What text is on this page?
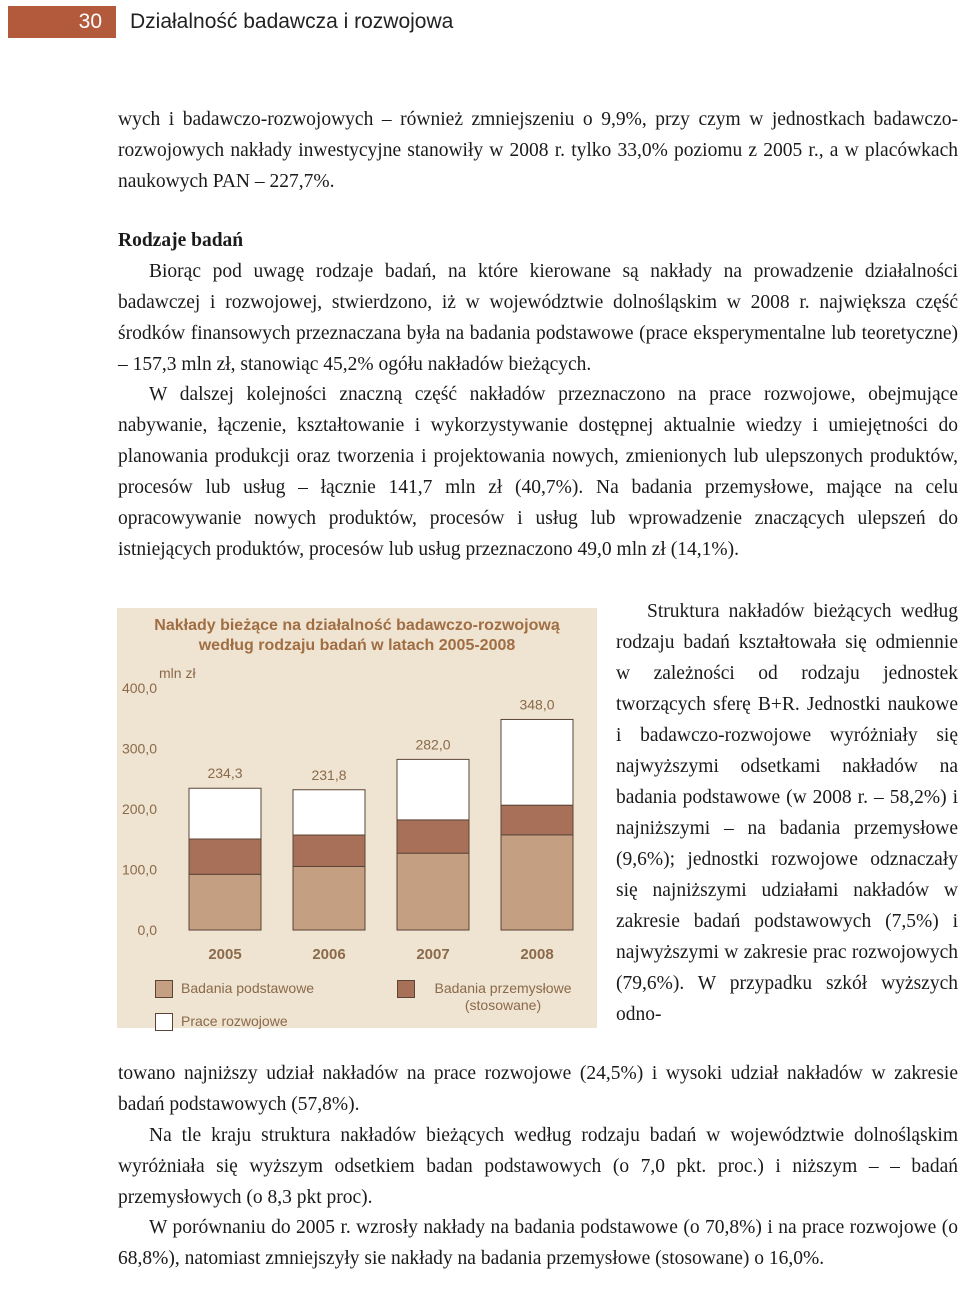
30	Działalność badawcza i rozwojowa

wych i badawczo-rozwojowych – również zmniejszeniu o 9,9%, przy czym w jednostkach badawczo-rozwojowych nakłady inwestycyjne stanowiły w 2008 r. tylko 33,0% poziomu z 2005 r., a w placówkach naukowych PAN – 227,7%.

Rodzaje badań

Biorąc pod uwagę rodzaje badań, na które kierowane są nakłady na prowadzenie działalności badawczej i rozwojowej, stwierdzono, iż w województwie dolnośląskim w 2008 r. największa część środków finansowych przeznaczana była na badania podstawowe (prace eksperymentalne lub teoretyczne) – 157,3 mln zł, stanowiąc 45,2% ogółu nakładów bieżących.

W dalszej kolejności znaczną część nakładów przeznaczono na prace rozwojowe, obejmujące nabywanie, łączenie, kształtowanie i wykorzystywanie dostępnej aktualnie wiedzy i umiejętności do planowania produkcji oraz tworzenia i projektowania nowych, zmienionych lub ulepszonych produktów, procesów lub usług – łącznie 141,7 mln zł (40,7%). Na badania przemysłowe, mające na celu opracowywanie nowych produktów, procesów i usług lub wprowadzenie znaczących ulepszeń do istniejących produktów, procesów lub usług przeznaczono 49,0 mln zł (14,1%).

Nakłady bieżące na działalność badawczo-rozwojową według rodzaju badań w latach 2005-2008
mln zł
0,0
100,0
200,0
300,0
400,0
234,3
2005
231,8
2006
282,0
2007
348,0
2008
Badania podstawowe	Badania przemysłowe (stosowane)
Prace rozwojowe

Struktura nakładów bieżących według rodzaju badań kształtowała się odmiennie w zależności od rodzaju jednostek tworzących sferę B+R. Jednostki naukowe i badawczo-rozwojowe wyróżniały się najwyższymi odsetkami nakładów na badania podstawowe (w 2008 r. – 58,2%) i najniższymi – na badania przemysłowe (9,6%); jednostki rozwojowe odznaczały się najniższymi udziałami nakładów w zakresie badań podstawowych (7,5%) i najwyższymi w zakresie prac rozwojowych (79,6%). W przypadku szkół wyższych odno-

towano najniższy udział nakładów na prace rozwojowe (24,5%) i wysoki udział nakładów w zakresie badań podstawowych (57,8%).

Na tle kraju struktura nakładów bieżących według rodzaju badań w województwie dolnośląskim wyróżniała się wyższym odsetkiem badan podstawowych (o 7,0 pkt. proc.) i niższym – – badań przemysłowych (o 8,3 pkt proc).

W porównaniu do 2005 r. wzrosły nakłady na badania podstawowe (o 70,8%) i na prace rozwojowe (o 68,8%), natomiast zmniejszyły sie nakłady na badania przemysłowe (stosowane) o 16,0%.
